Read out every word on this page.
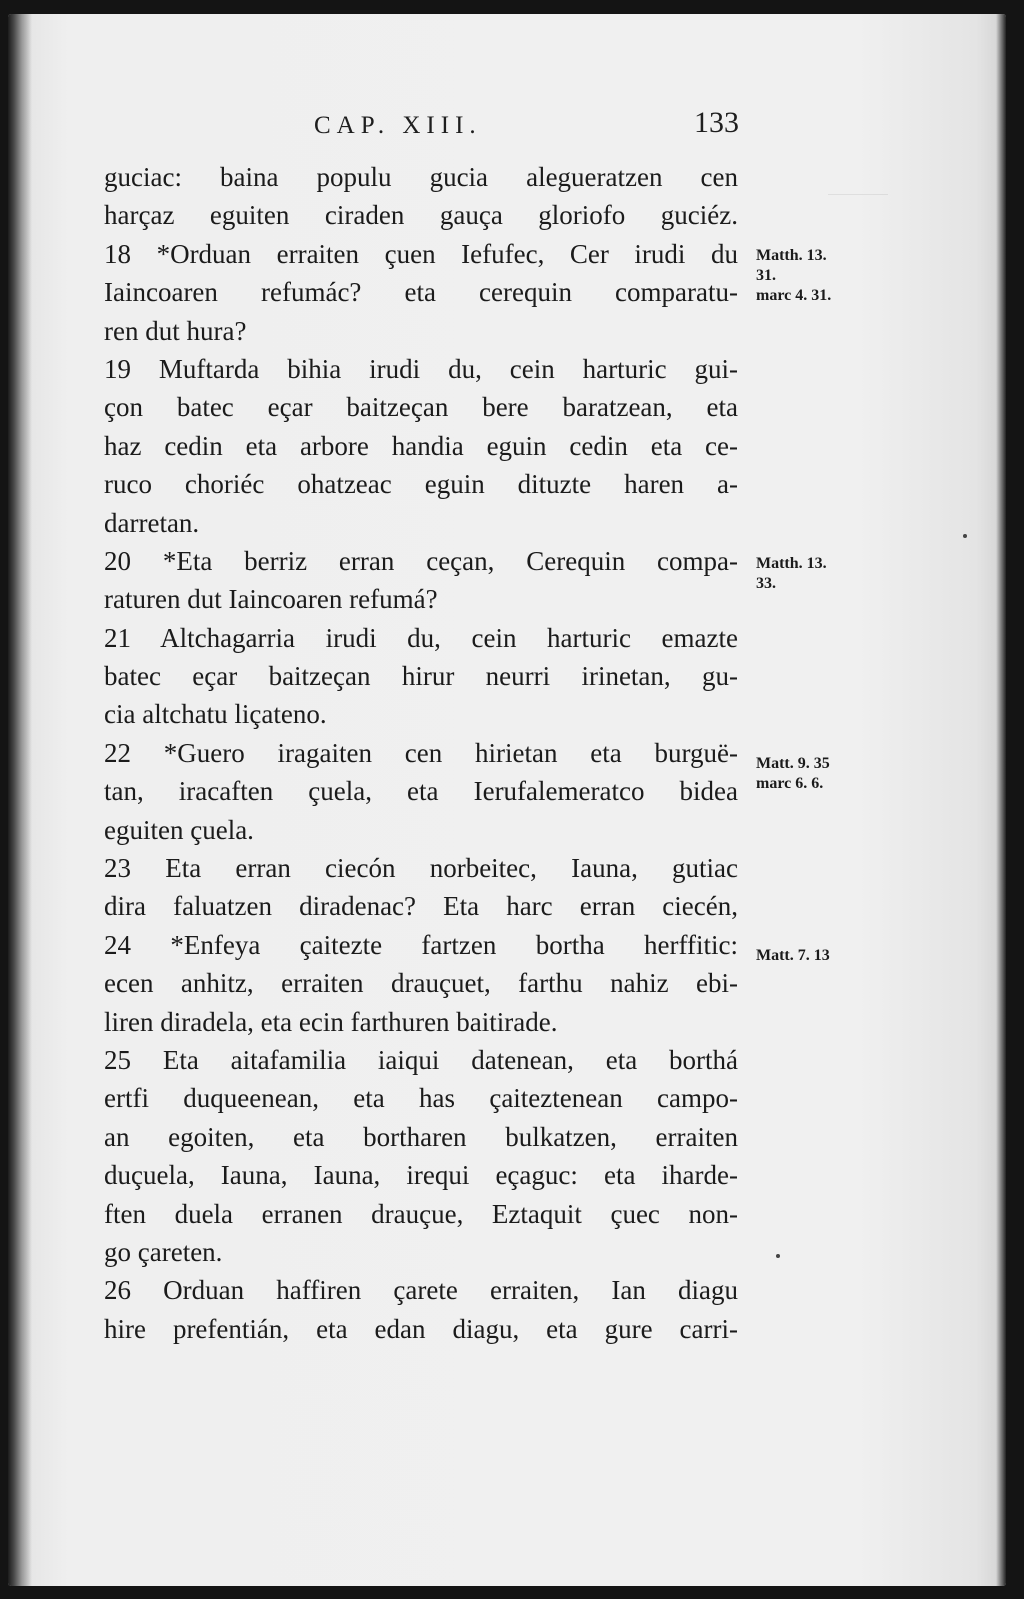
CAP. XIII.	133
guciac: baina populu gucia alegueratzen cen
harçaz eguiten ciraden gauça gloriofo guciéz.
18 *Orduan erraiten çuen Iefufec, Cer irudi du
Iaincoaren refumác? eta cerequin comparatu-
ren dut hura?
19 Muftarda bihia irudi du, cein harturic gui-
çon batec eçar baitzeçan bere baratzean, eta
haz cedin eta arbore handia eguin cedin eta ce-
ruco choriéc ohatzeac eguin dituzte haren a-
darretan.
20 *Eta berriz erran ceçan, Cerequin compa-
raturen dut Iaincoaren refumá?
21 Altchagarria irudi du, cein harturic emazte
batec eçar baitzeçan hirur neurri irinetan, gu-
cia altchatu liçateno.
22 *Guero iragaiten cen hirietan eta burguë-
tan, iracaften çuela, eta Ierufalemeratco bidea
eguiten çuela.
23 Eta erran ciecón norbeitec, Iauna, gutiac
dira faluatzen diradenac? Eta harc erran ciecén,
24 *Enfeya çaitezte fartzen bortha herffitic:
ecen anhitz, erraiten drauçuet, farthu nahiz ebi-
liren diradela, eta ecin farthuren baitirade.
25 Eta aitafamilia iaiqui datenean, eta borthá
ertfi duqueenean, eta has çaiteztenean campo-
an egoiten, eta bortharen bulkatzen, erraiten
duçuela, Iauna, Iauna, irequi eçaguc: eta iharde-
ften duela erranen drauçue, Eztaquit çuec non-
go çareten.
26 Orduan haffiren çarete erraiten, Ian diagu
hire prefentián, eta edan diagu, eta gure carri-
Matth. 13.
31.
marc 4. 31.
Matth. 13.
33.
Matt. 9. 35
marc 6. 6.
Matt. 7. 13
